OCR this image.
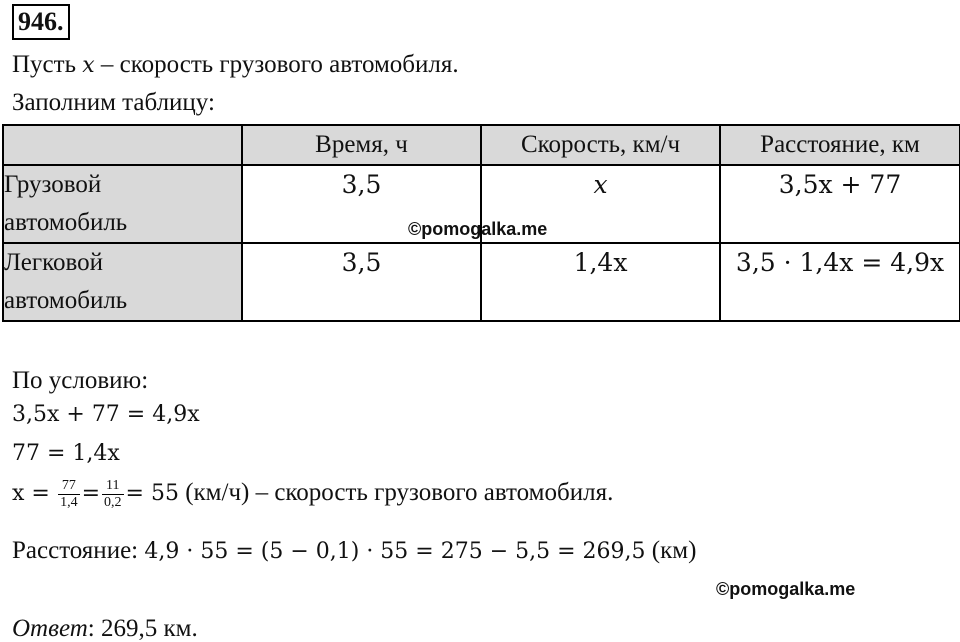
946.
Пусть x – скорость грузового автомобиля.
Заполним таблицу:
	Время, ч	Скорость, км/ч	Расстояние, км

Грузовой
автомобиль	3,5	x	3,5x + 77

Легковой
автомобиль	3,5	1,4x	3,5 · 1,4x = 4,9x
©pomogalka.me
По условию:
3,5x + 77 = 4,9x
77 = 1,4x
$x = \frac{77}{1,4} = \frac{11}{0,2} = 55$ (км/ч) – скорость грузового автомобиля.
Расстояние: 4,9 · 55 = (5 − 0,1) · 55 = 275 − 5,5 = 269,5 (км)
©pomogalka.me
Ответ: 269,5 км.
